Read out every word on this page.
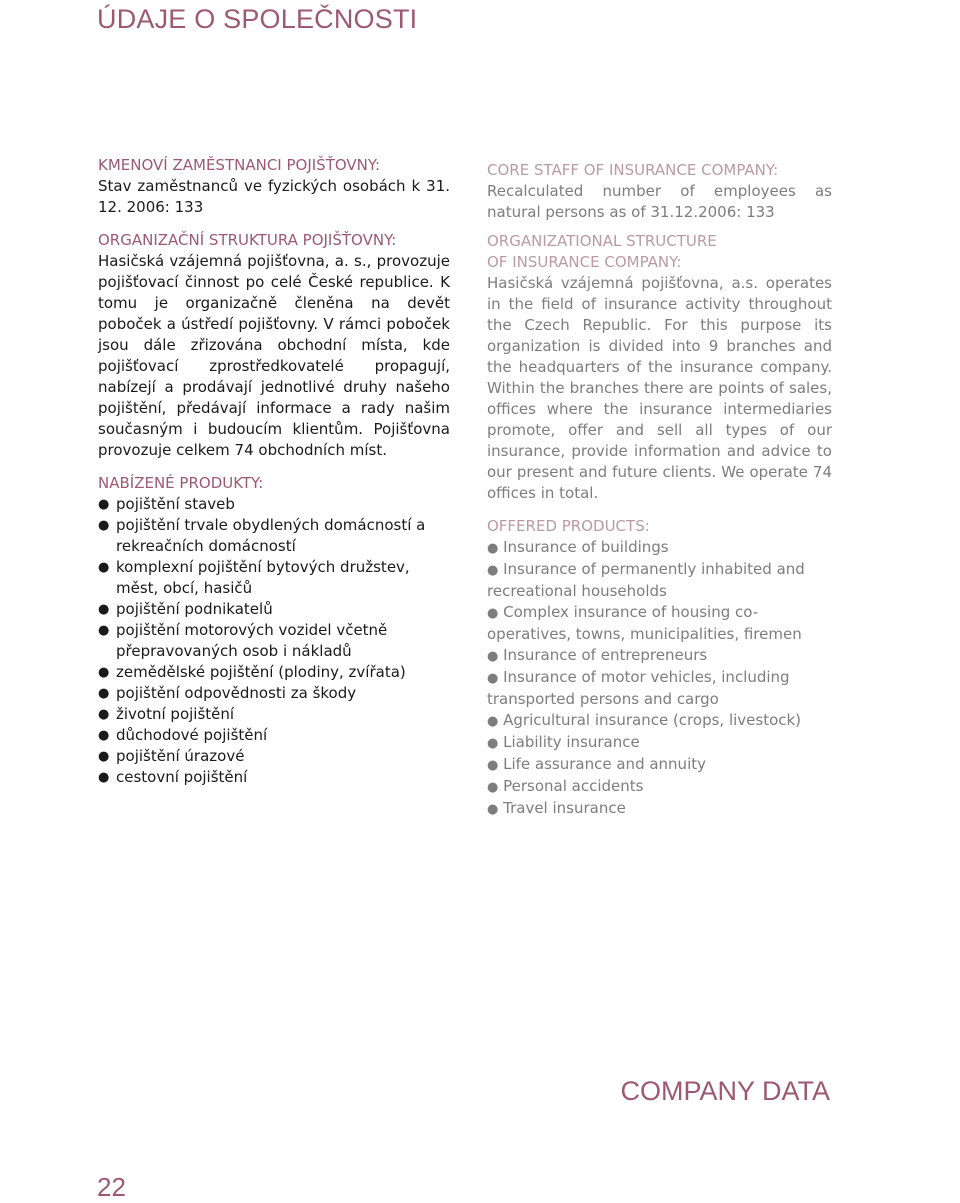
ÚDAJE O SPOLEČNOSTI
KMENOVÍ ZAMĚSTNANCI POJIŠŤOVNY:

Stav zaměstnanců ve fyzických osobách k 31. 12. 2006: 133

ORGANIZAČNÍ STRUKTURA POJIŠŤOVNY:

Hasičská vzájemná pojišťovna, a. s., provozuje pojišťovací činnost po celé České republice. K tomu je organizačně členěna na devět poboček a ústředí pojišťovny. V rámci poboček jsou dále zřizována obchodní místa, kde pojišťovací zprostředkovatelé propagují, nabízejí a prodávají jednotlivé druhy našeho pojištění, předávají informace a rady našim současným i budoucím klientům. Pojišťovna provozuje celkem 74 obchodních míst.

NABÍZENÉ PRODUKTY:
● pojištění staveb
● pojištění trvale obydlených domácností a rekreačních domácností
● komplexní pojištění bytových družstev, měst, obcí, hasičů
● pojištění podnikatelů
● pojištění motorových vozidel včetně přepravovaných osob i nákladů
● zemědělské pojištění (plodiny, zvířata)
● pojištění odpovědnosti za škody
● životní pojištění
● důchodové pojištění
● pojištění úrazové
● cestovní pojištění
CORE STAFF OF INSURANCE COMPANY:

Recalculated number of employees as natural persons as of 31.12.2006: 133

ORGANIZATIONAL STRUCTURE OF INSURANCE COMPANY:

Hasičská vzájemná pojišťovna, a.s. operates in the field of insurance activity throughout the Czech Republic. For this purpose its organization is divided into 9 branches and the headquarters of the insurance company. Within the branches there are points of sales, offices where the insurance intermediaries promote, offer and sell all types of our insurance, provide information and advice to our present and future clients. We operate 74 offices in total.

OFFERED PRODUCTS:
● Insurance of buildings
● Insurance of permanently inhabited and recreational households
● Complex insurance of housing co-operatives, towns, municipalities, firemen
● Insurance of entrepreneurs
● Insurance of motor vehicles, including transported persons and cargo
● Agricultural insurance (crops, livestock)
● Liability insurance
● Life assurance and annuity
● Personal accidents
● Travel insurance
COMPANY DATA
22
